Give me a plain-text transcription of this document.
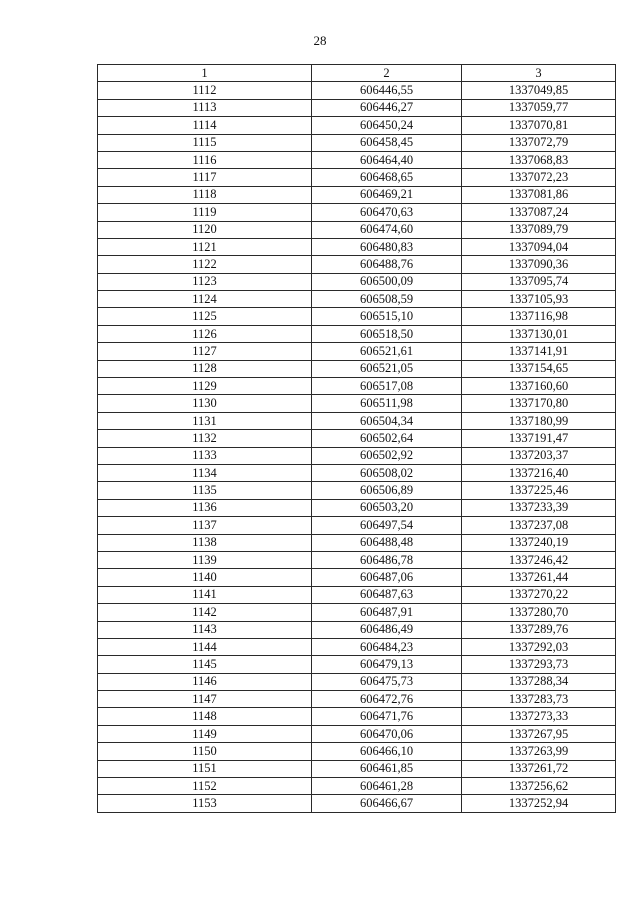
28
1	2	3
1112	606446,55	1337049,85
1113	606446,27	1337059,77
1114	606450,24	1337070,81
1115	606458,45	1337072,79
1116	606464,40	1337068,83
1117	606468,65	1337072,23
1118	606469,21	1337081,86
1119	606470,63	1337087,24
1120	606474,60	1337089,79
1121	606480,83	1337094,04
1122	606488,76	1337090,36
1123	606500,09	1337095,74
1124	606508,59	1337105,93
1125	606515,10	1337116,98
1126	606518,50	1337130,01
1127	606521,61	1337141,91
1128	606521,05	1337154,65
1129	606517,08	1337160,60
1130	606511,98	1337170,80
1131	606504,34	1337180,99
1132	606502,64	1337191,47
1133	606502,92	1337203,37
1134	606508,02	1337216,40
1135	606506,89	1337225,46
1136	606503,20	1337233,39
1137	606497,54	1337237,08
1138	606488,48	1337240,19
1139	606486,78	1337246,42
1140	606487,06	1337261,44
1141	606487,63	1337270,22
1142	606487,91	1337280,70
1143	606486,49	1337289,76
1144	606484,23	1337292,03
1145	606479,13	1337293,73
1146	606475,73	1337288,34
1147	606472,76	1337283,73
1148	606471,76	1337273,33
1149	606470,06	1337267,95
1150	606466,10	1337263,99
1151	606461,85	1337261,72
1152	606461,28	1337256,62
1153	606466,67	1337252,94
